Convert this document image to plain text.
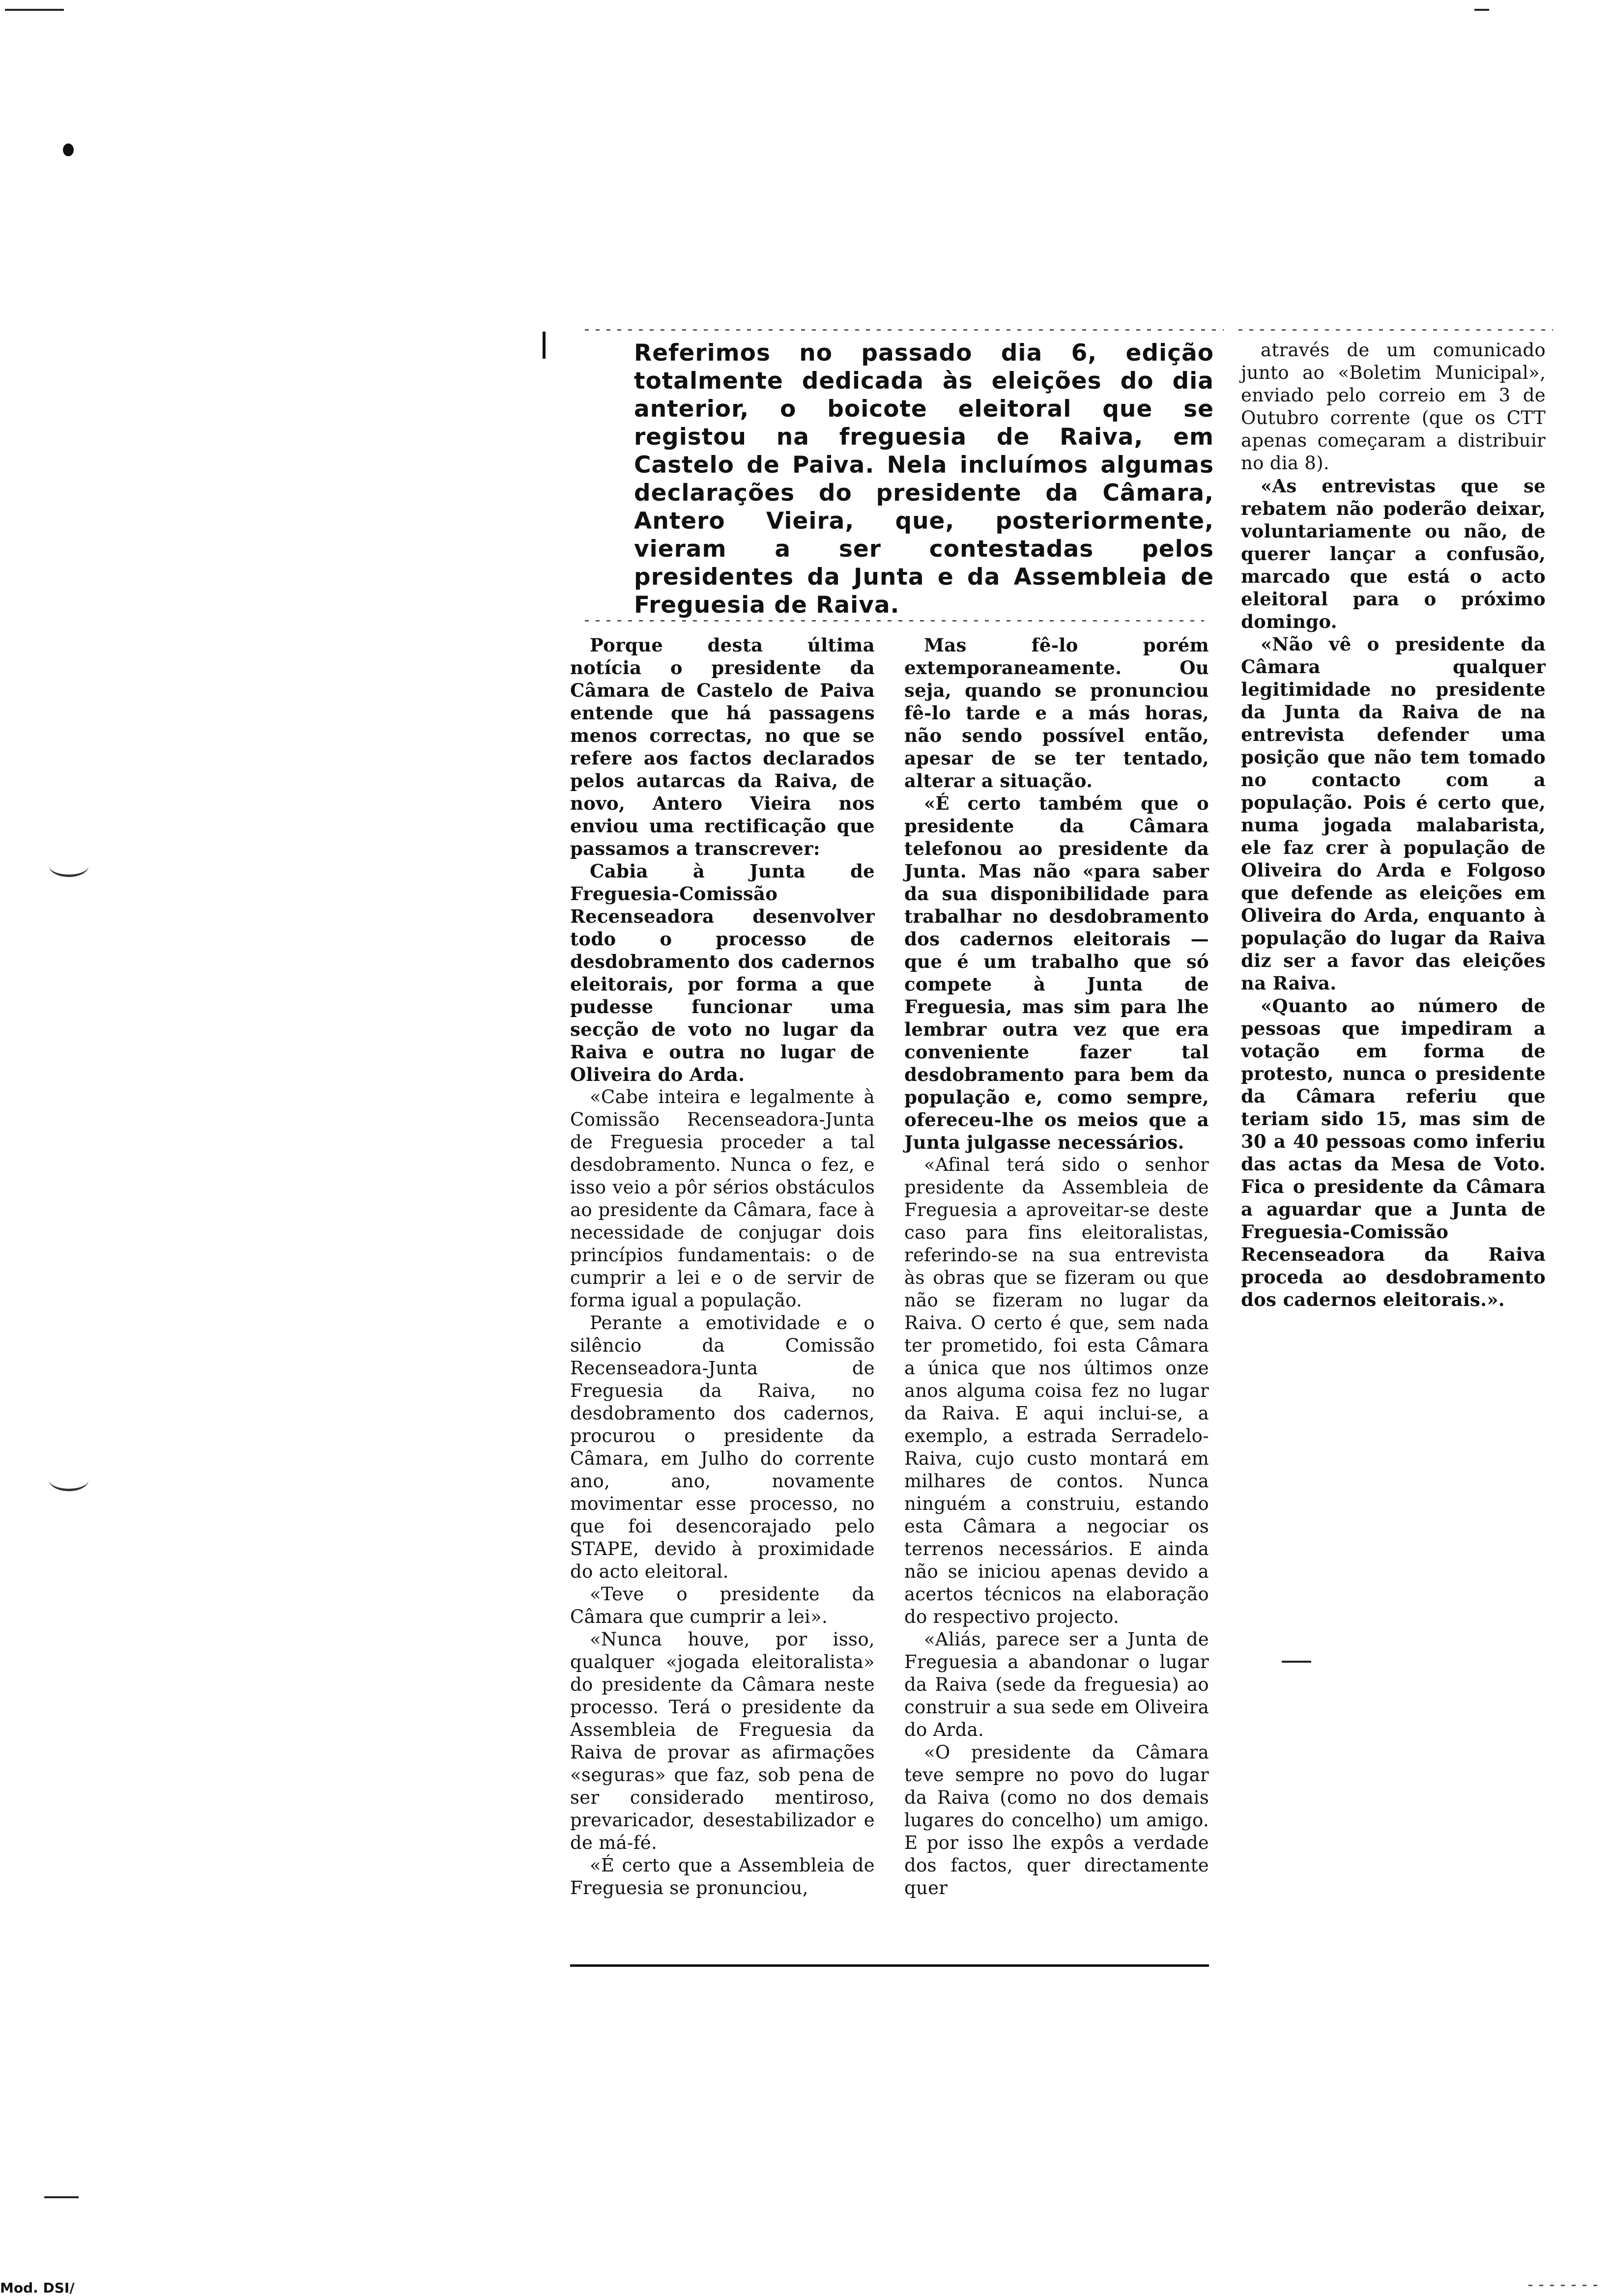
Referimos no passado dia 6, edição totalmente dedicada às eleições do dia anterior, o boicote eleitoral que se registou na freguesia de Raiva, em Castelo de Paiva. Nela incluímos algumas declarações do presidente da Câmara, Antero Vieira, que, posteriormente, vieram a ser contestadas pelos presidentes da Junta e da Assembleia de Freguesia de Raiva.

Porque desta última notícia o presidente da Câmara de Castelo de Paiva entende que há passagens menos correctas, no que se refere aos factos declarados pelos autarcas da Raiva, de novo, Antero Vieira nos enviou uma rectificação que passamos a transcrever:

Cabia à Junta de Freguesia-Comissão Recenseadora desenvolver todo o processo de desdobramento dos cadernos eleitorais, por forma a que pudesse funcionar uma secção de voto no lugar da Raiva e outra no lugar de Oliveira do Arda.

«Cabe inteira e legalmente à Comissão Recenseadora-Junta de Freguesia proceder a tal desdobramento. Nunca o fez, e isso veio a pôr sérios obstáculos ao presidente da Câmara, face à necessidade de conjugar dois princípios fundamentais: o de cumprir a lei e o de servir de forma igual a população.

Perante a emotividade e o silêncio da Comissão Recenseadora-Junta de Freguesia da Raiva, no desdobramento dos cadernos, procurou o presidente da Câmara, em Julho do corrente ano, ano, novamente movimentar esse processo, no que foi desencorajado pelo STAPE, devido à proximidade do acto eleitoral.

«Teve o presidente da Câmara que cumprir a lei».

«Nunca houve, por isso, qualquer «jogada eleitoralista» do presidente da Câmara neste processo. Terá o presidente da Assembleia de Freguesia da Raiva de provar as afirmações «seguras» que faz, sob pena de ser considerado mentiroso, prevaricador, desestabilizador e de má-fé.

«É certo que a Assembleia de Freguesia se pronunciou,

Mas fê-lo porém extemporaneamente. Ou seja, quando se pronunciou fê-lo tarde e a más horas, não sendo possível então, apesar de se ter tentado, alterar a situação.

«É certo também que o presidente da Câmara telefonou ao presidente da Junta. Mas não «para saber da sua disponibilidade para trabalhar no desdobramento dos cadernos eleitorais — que é um trabalho que só compete à Junta de Freguesia, mas sim para lhe lembrar outra vez que era conveniente fazer tal desdobramento para bem da população e, como sempre, ofereceu-lhe os meios que a Junta julgasse necessários.

«Afinal terá sido o senhor presidente da Assembleia de Freguesia a aproveitar-se deste caso para fins eleitoralistas, referindo-se na sua entrevista às obras que se fizeram ou que não se fizeram no lugar da Raiva. O certo é que, sem nada ter prometido, foi esta Câmara a única que nos últimos onze anos alguma coisa fez no lugar da Raiva. E aqui inclui-se, a exemplo, a estrada Serradelo-Raiva, cujo custo montará em milhares de contos. Nunca ninguém a construiu, estando esta Câmara a negociar os terrenos necessários. E ainda não se iniciou apenas devido a acertos técnicos na elaboração do respectivo projecto.

«Aliás, parece ser a Junta de Freguesia a abandonar o lugar da Raiva (sede da freguesia) ao construir a sua sede em Oliveira do Arda.

«O presidente da Câmara teve sempre no povo do lugar da Raiva (como no dos demais lugares do concelho) um amigo. E por isso lhe expôs a verdade dos factos, quer directamente quer

através de um comunicado junto ao «Boletim Municipal», enviado pelo correio em 3 de Outubro corrente (que os CTT apenas começaram a distribuir no dia 8).

«As entrevistas que se rebatem não poderão deixar, voluntariamente ou não, de querer lançar a confusão, marcado que está o acto eleitoral para o próximo domingo.

«Não vê o presidente da Câmara qualquer legitimidade no presidente da Junta da Raiva de na entrevista defender uma posição que não tem tomado no contacto com a população. Pois é certo que, numa jogada malabarista, ele faz crer à população de Oliveira do Arda e Folgoso que defende as eleições em Oliveira do Arda, enquanto à população do lugar da Raiva diz ser a favor das eleições na Raiva.

«Quanto ao número de pessoas que impediram a votação em forma de protesto, nunca o presidente da Câmara referiu que teriam sido 15, mas sim de 30 a 40 pessoas como inferiu das actas da Mesa de Voto. Fica o presidente da Câmara a aguardar que a Junta de Freguesia-Comissão Recenseadora da Raiva proceda ao desdobramento dos cadernos eleitorais.».

Mod. DSI/
